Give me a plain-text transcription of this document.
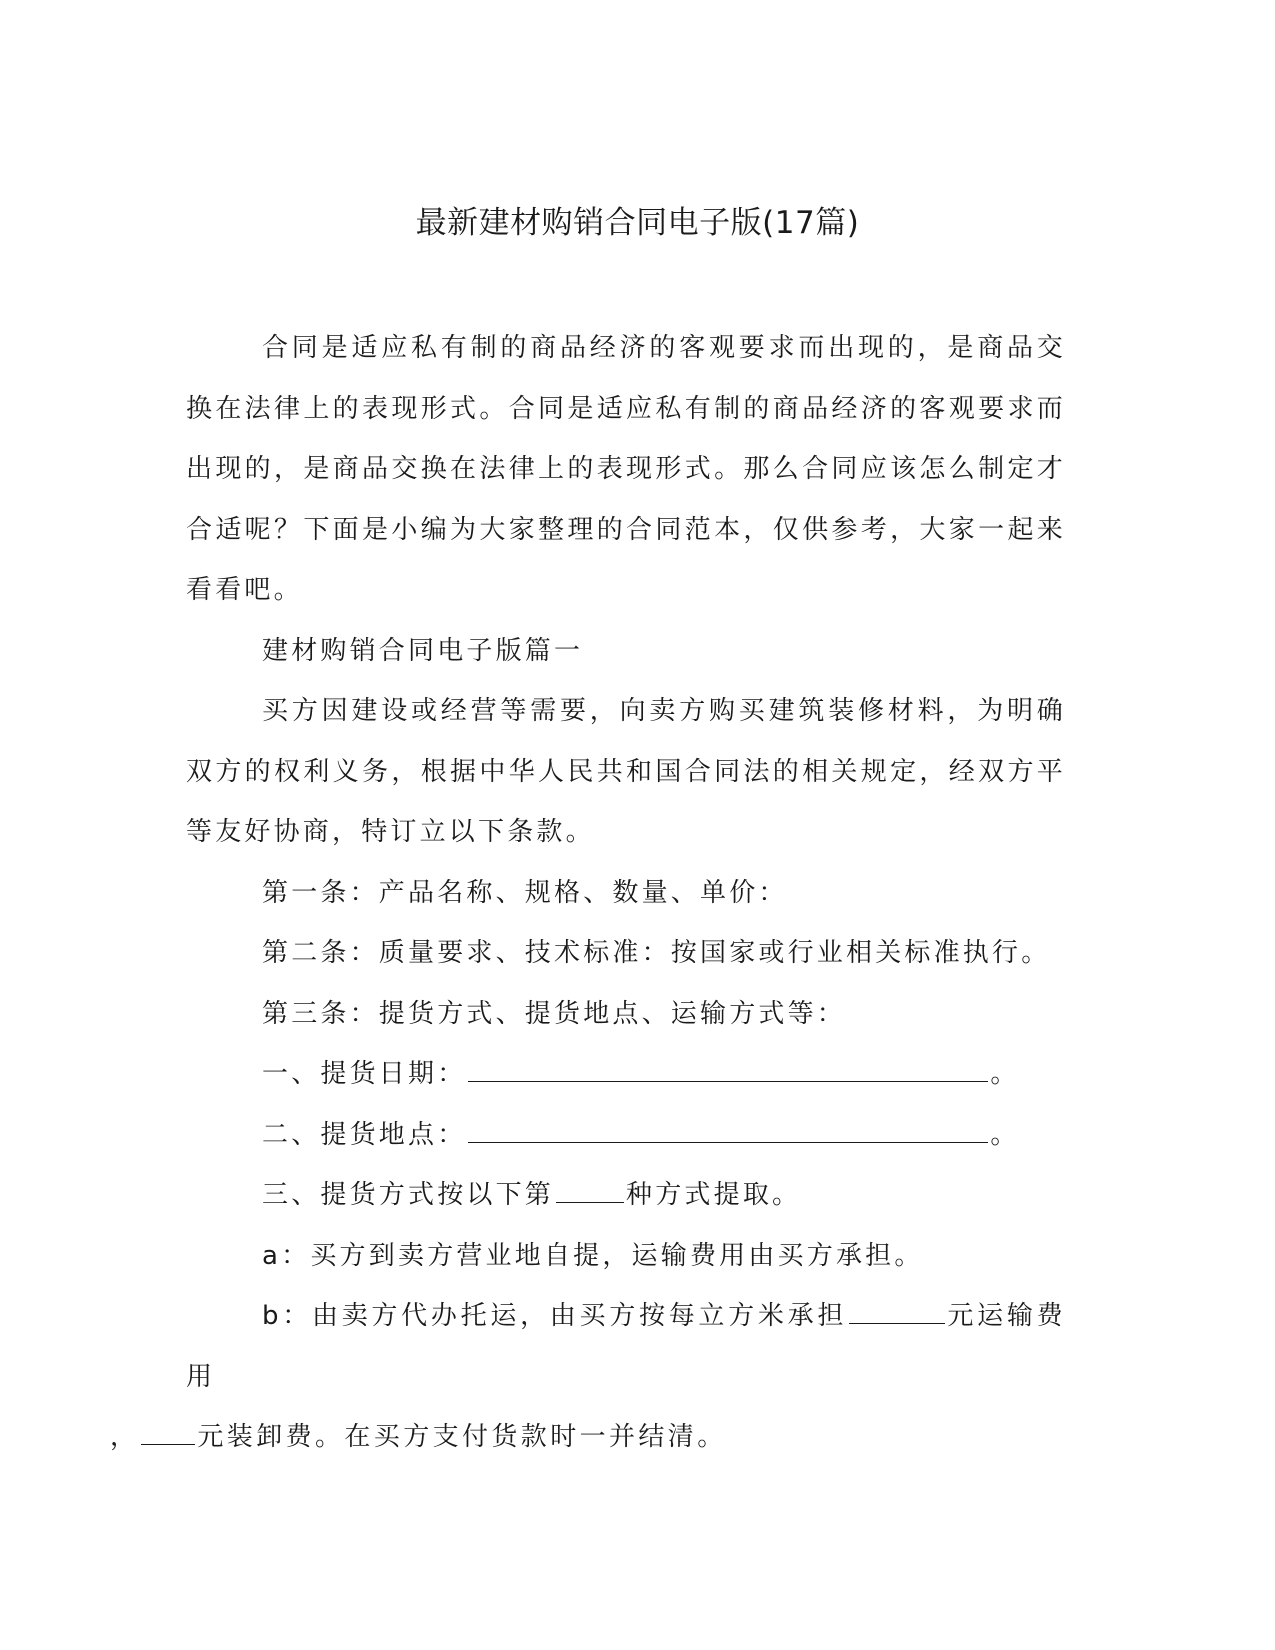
最新建材购销合同电子版(17篇)

合同是适应私有制的商品经济的客观要求而出现的，是商品交换在法律上的表现形式。合同是适应私有制的商品经济的客观要求而出现的，是商品交换在法律上的表现形式。那么合同应该怎么制定才合适呢？下面是小编为大家整理的合同范本，仅供参考，大家一起来看看吧。

建材购销合同电子版篇一

买方因建设或经营等需要，向卖方购买建筑装修材料，为明确双方的权利义务，根据中华人民共和国合同法的相关规定，经双方平等友好协商，特订立以下条款。

第一条：产品名称、规格、数量、单价：

第二条：质量要求、技术标准：按国家或行业相关标准执行。

第三条：提货方式、提货地点、运输方式等：

一、提货日期：	。

二、提货地点：	。

三、提货方式按以下第	种方式提取。

a：买方到卖方营业地自提，运输费用由买方承担。

b：由卖方代办托运，由买方按每立方米承担	元运输费用
， 元装卸费。在买方支付货款时一并结清。
